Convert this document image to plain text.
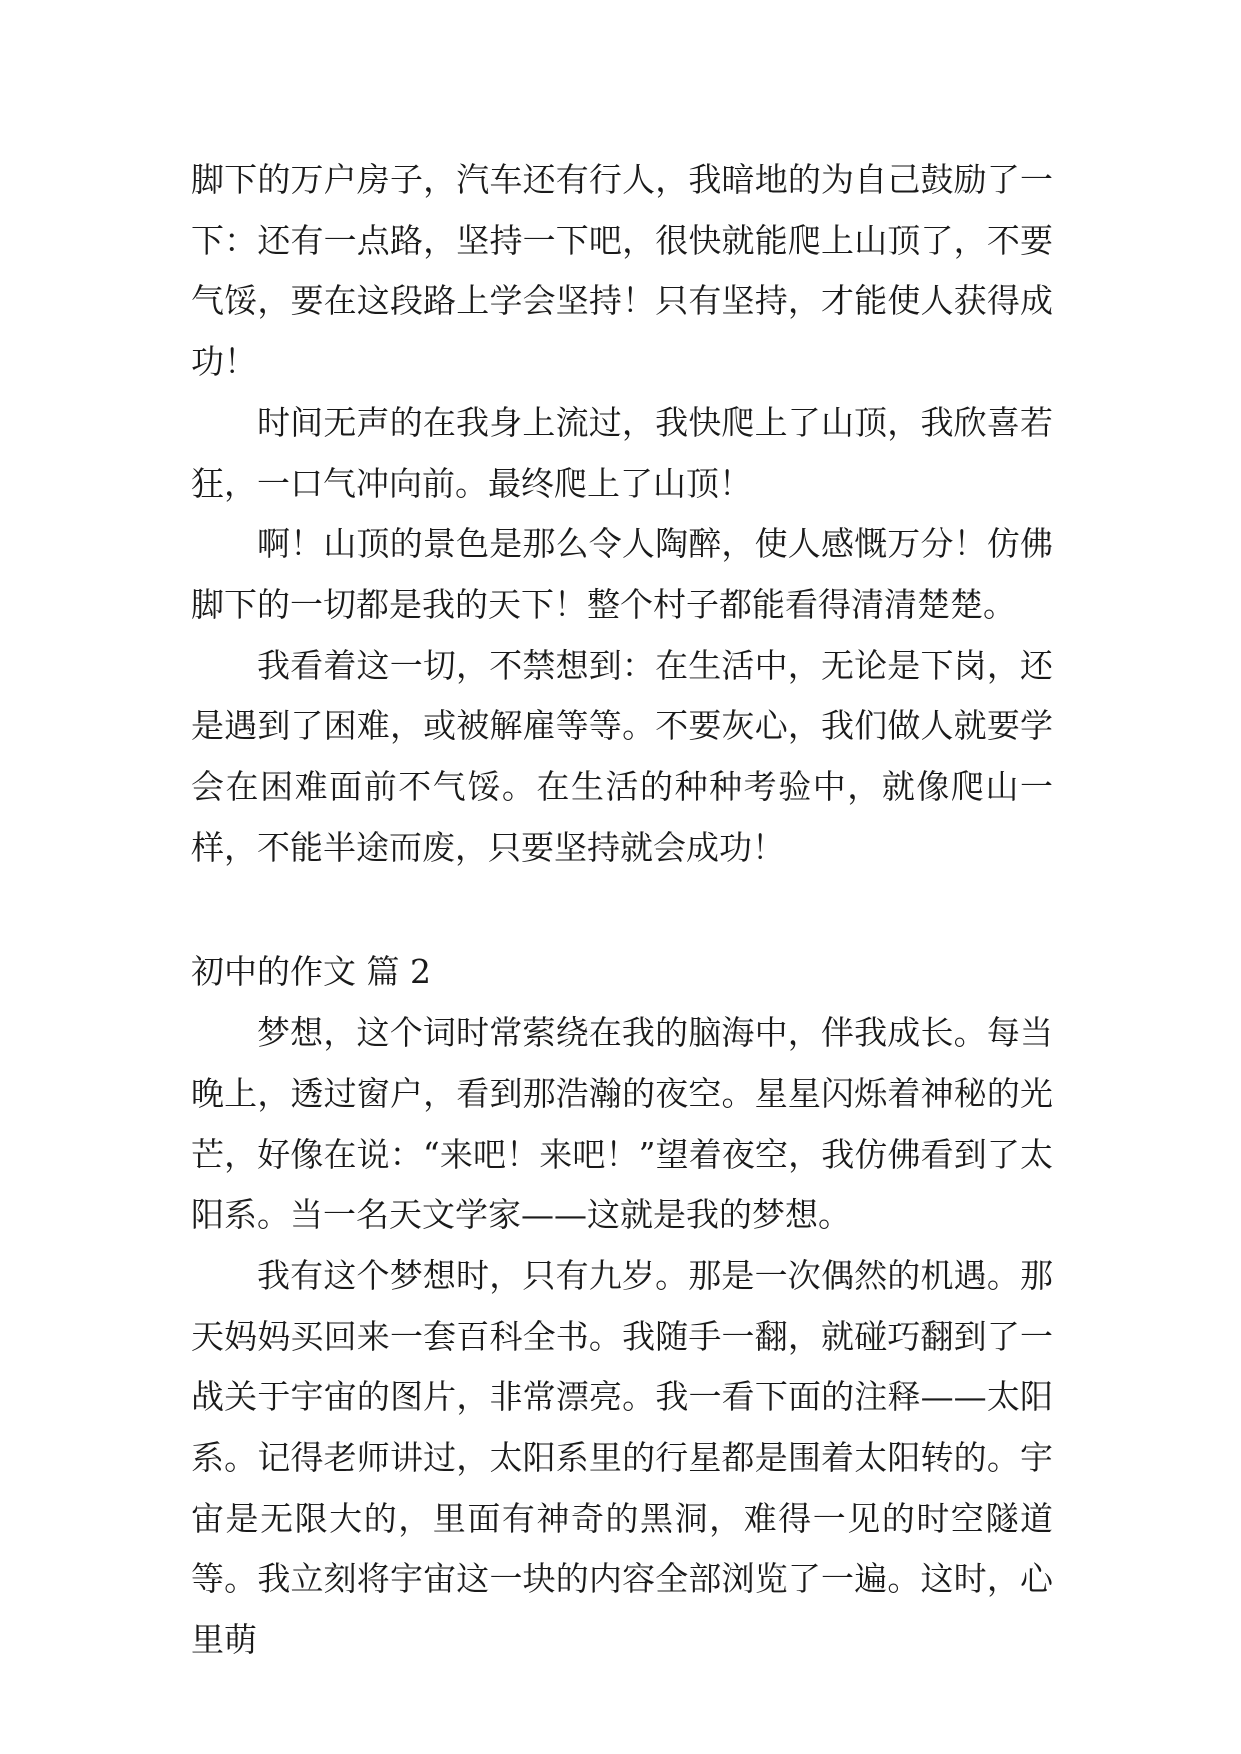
脚下的万户房子，汽车还有行人，我暗地的为自己鼓励了一下：还有一点路，坚持一下吧，很快就能爬上山顶了，不要气馁，要在这段路上学会坚持！只有坚持，才能使人获得成功！

时间无声的在我身上流过，我快爬上了山顶，我欣喜若狂，一口气冲向前。最终爬上了山顶！

啊！山顶的景色是那么令人陶醉，使人感慨万分！仿佛脚下的一切都是我的天下！整个村子都能看得清清楚楚。

我看着这一切，不禁想到：在生活中，无论是下岗，还是遇到了困难，或被解雇等等。不要灰心，我们做人就要学会在困难面前不气馁。在生活的种种考验中，就像爬山一样，不能半途而废，只要坚持就会成功！

初中的作文 篇 2

梦想，这个词时常萦绕在我的脑海中，伴我成长。每当晚上，透过窗户，看到那浩瀚的夜空。星星闪烁着神秘的光芒，好像在说：“来吧！来吧！”望着夜空，我仿佛看到了太阳系。当一名天文学家——这就是我的梦想。

我有这个梦想时，只有九岁。那是一次偶然的机遇。那天妈妈买回来一套百科全书。我随手一翻，就碰巧翻到了一战关于宇宙的图片，非常漂亮。我一看下面的注释——太阳系。记得老师讲过，太阳系里的行星都是围着太阳转的。宇宙是无限大的，里面有神奇的黑洞，难得一见的时空隧道等。我立刻将宇宙这一块的内容全部浏览了一遍。这时，心里萌
